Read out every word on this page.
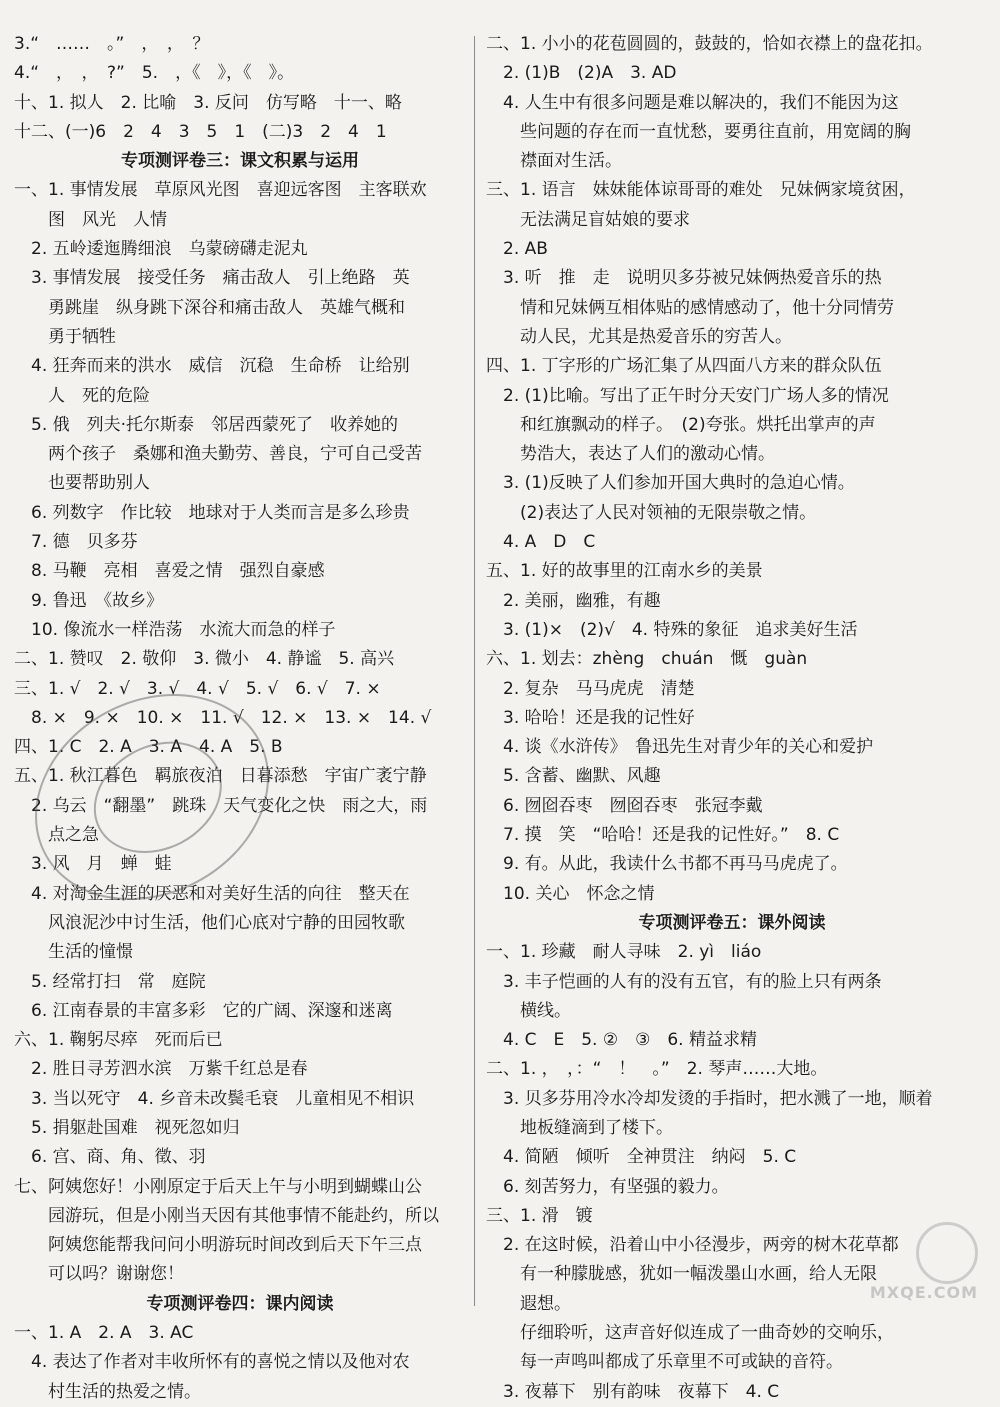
3.“　……　。”　，　，　？
4.“　，　，　?”　5.　，《　》，《　》。
十、1. 拟人　2. 比喻　3. 反问　仿写略　十一、略
十二、(一)6　2　4　3　5　1　(二)3　2　4　1
专项测评卷三：课文积累与运用
一、1. 事情发展　草原风光图　喜迎远客图　主客联欢
　　图　风光　人情
　2. 五岭逶迤腾细浪　乌蒙磅礴走泥丸
　3. 事情发展　接受任务　痛击敌人　引上绝路　英
　　勇跳崖　纵身跳下深谷和痛击敌人　英雄气概和
　　勇于牺牲
　4. 狂奔而来的洪水　威信　沉稳　生命桥　让给别
　　人　死的危险
　5. 俄　列夫·托尔斯泰　邻居西蒙死了　收养她的
　　两个孩子　桑娜和渔夫勤劳、善良，宁可自己受苦
　　也要帮助别人
　6. 列数字　作比较　地球对于人类而言是多么珍贵
　7. 德　贝多芬
　8. 马鞭　亮相　喜爱之情　强烈自豪感
　9. 鲁迅　《故乡》
　10. 像流水一样浩荡　水流大而急的样子
二、1. 赞叹　2. 敬仰　3. 微小　4. 静谧　5. 高兴
三、1. √　2. √　3. √　4. √　5. √　6. √　7. ×
　8. ×　9. ×　10. ×　11. √　12. ×　13. ×　14. √
四、1. C　2. A　3. A　4. A　5. B
五、1. 秋江暮色　羁旅夜泊　日暮添愁　宇宙广袤宁静
　2. 乌云　“翻墨”　跳珠　天气变化之快　雨之大，雨
　　点之急
　3. 风　月　蝉　蛙
　4. 对淘金生涯的厌恶和对美好生活的向往　整天在
　　风浪泥沙中讨生活，他们心底对宁静的田园牧歌
　　生活的憧憬
　5. 经常打扫　常　庭院
　6. 江南春景的丰富多彩　它的广阔、深邃和迷离
六、1. 鞠躬尽瘁　死而后已
　2. 胜日寻芳泗水滨　万紫千红总是春
　3. 当以死守　4. 乡音未改鬓毛衰　儿童相见不相识
　5. 捐躯赴国难　视死忽如归
　6. 宫、商、角、徵、羽
七、阿姨您好！小刚原定于后天上午与小明到蝴蝶山公
　　园游玩，但是小刚当天因有其他事情不能赴约，所以
　　阿姨您能帮我问问小明游玩时间改到后天下午三点
　　可以吗？谢谢您！
专项测评卷四：课内阅读
一、1. A　2. A　3. AC
　4. 表达了作者对丰收所怀有的喜悦之情以及他对农
　　村生活的热爱之情。
二、1. 小小的花苞圆圆的，鼓鼓的，恰如衣襟上的盘花扣。
　2. (1)B　(2)A　3. AD
　4. 人生中有很多问题是难以解决的，我们不能因为这
　　些问题的存在而一直忧愁，要勇往直前，用宽阔的胸
　　襟面对生活。
三、1. 语言　妹妹能体谅哥哥的难处　兄妹俩家境贫困，
　　无法满足盲姑娘的要求
　2. AB
　3. 听　推　走　说明贝多芬被兄妹俩热爱音乐的热
　　情和兄妹俩互相体贴的感情感动了，他十分同情劳
　　动人民，尤其是热爱音乐的穷苦人。
四、1. 丁字形的广场汇集了从四面八方来的群众队伍
　2. (1)比喻。写出了正午时分天安门广场人多的情况
　　和红旗飘动的样子。　(2)夸张。烘托出掌声的声
　　势浩大，表达了人们的激动心情。
　3. (1)反映了人们参加开国大典时的急迫心情。
　　(2)表达了人民对领袖的无限崇敬之情。
　4. A　D　C
五、1. 好的故事里的江南水乡的美景
　2. 美丽，幽雅，有趣
　3. (1)×　(2)√　4. 特殊的象征　追求美好生活
六、1. 划去：zhèng　chuán　慨　guàn
　2. 复杂　马马虎虎　清楚
　3. 哈哈！还是我的记性好
　4. 谈《水浒传》　鲁迅先生对青少年的关心和爱护
　5. 含蓄、幽默、风趣
　6. 囫囵吞枣　囫囵吞枣　张冠李戴
　7. 摸　笑　“哈哈！还是我的记性好。”　8. C
　9. 有。从此，我读什么书都不再马马虎虎了。
　10. 关心　怀念之情
专项测评卷五：课外阅读
一、1. 珍藏　耐人寻味　2. yì　liáo
　3. 丰子恺画的人有的没有五官，有的脸上只有两条
　　横线。
　4. C　E　5. ②　③　6. 精益求精
二、1. ，　，：“　！　。”　2. 琴声……大地。
　3. 贝多芬用冷水冷却发烫的手指时，把水溅了一地，顺着
　　地板缝滴到了楼下。
　4. 简陋　倾听　全神贯注　纳闷　5. C
　6. 刻苦努力，有坚强的毅力。
三、1. 滑　镀
　2. 在这时候，沿着山中小径漫步，两旁的树木花草都
　　有一种朦胧感，犹如一幅泼墨山水画，给人无限
　　遐想。
　　仔细聆听，这声音好似连成了一曲奇妙的交响乐，
　　每一声鸣叫都成了乐章里不可或缺的音符。
　3. 夜幕下　别有韵味　夜幕下　4. C
MXQE.COM
